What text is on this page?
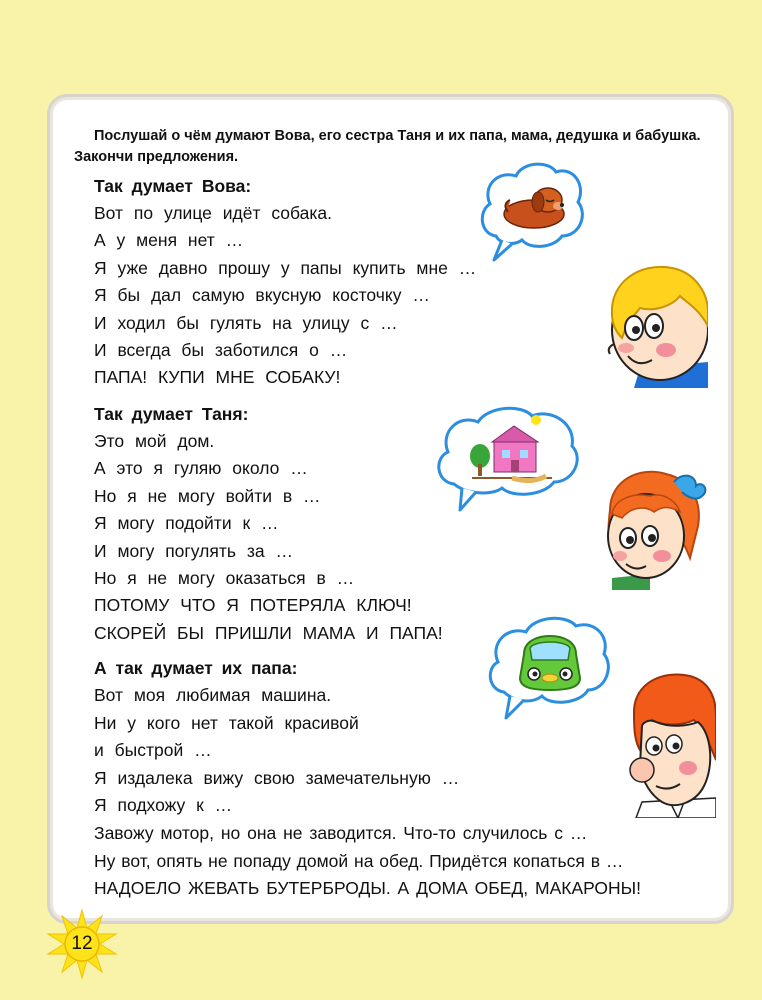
Послушай о чём думают Вова, его сестра Таня и их папа, мама, дедушка и бабушка. Закончи предложения.

Так думает Вова:
Вот по улице идёт собака.
А у меня нет …
Я уже давно прошу у папы купить мне …
Я бы дал самую вкусную косточку …
И ходил бы гулять на улицу с …
И всегда бы заботился о …
ПАПА! КУПИ МНЕ СОБАКУ!
Так думает Таня:
Это мой дом.
А это я гуляю около …
Но я не могу войти в …
Я могу подойти к …
И могу погулять за …
Но я не могу оказаться в …
ПОТОМУ ЧТО Я ПОТЕРЯЛА КЛЮЧ!
СКОРЕЙ БЫ ПРИШЛИ МАМА И ПАПА!
А так думает их папа:
Вот моя любимая машина.
Ни у кого нет такой красивой
и быстрой …
Я издалека вижу свою замечательную …
Я подхожу к …
Завожу мотор, но она не заводится. Что-то случилось с …
Ну вот, опять не попаду домой на обед. Придётся копаться в …
НАДОЕЛО ЖЕВАТЬ БУТЕРБРОДЫ. А ДОМА ОБЕД, МАКАРОНЫ!
12
